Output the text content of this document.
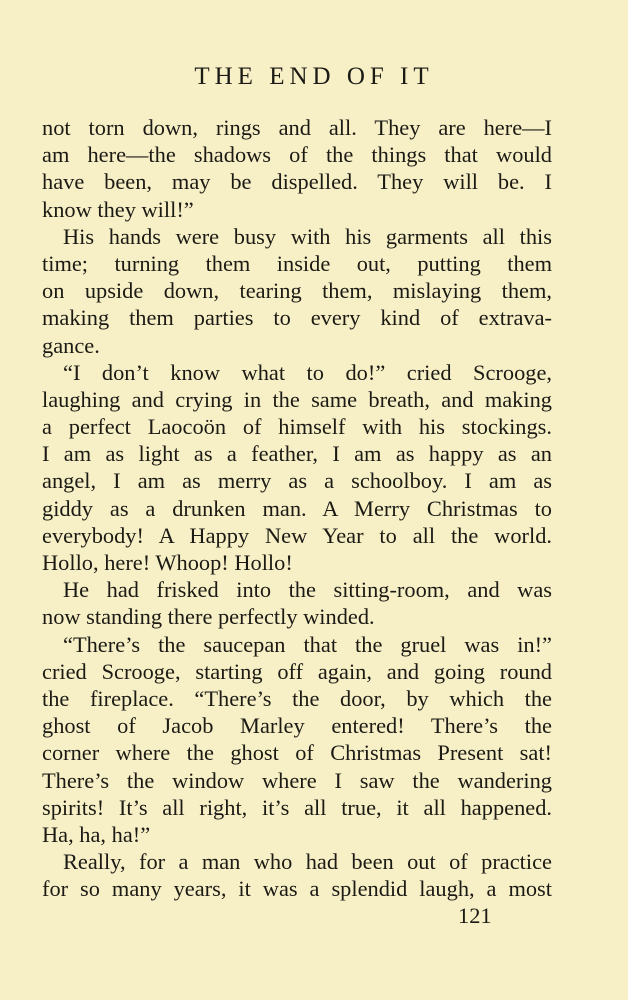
THE END OF IT
not torn down, rings and all. They are here—I
am here—the shadows of the things that would
have been, may be dispelled. They will be. I
know they will!”
His hands were busy with his garments all this
time; turning them inside out, putting them
on upside down, tearing them, mislaying them,
making them parties to every kind of extrava-
gance.
“I don’t know what to do!” cried Scrooge,
laughing and crying in the same breath, and making
a perfect Laocoön of himself with his stockings.
I am as light as a feather, I am as happy as an
angel, I am as merry as a schoolboy. I am as
giddy as a drunken man. A Merry Christmas to
everybody! A Happy New Year to all the world.
Hollo, here! Whoop! Hollo!
He had frisked into the sitting-room, and was
now standing there perfectly winded.
“There’s the saucepan that the gruel was in!”
cried Scrooge, starting off again, and going round
the fireplace. “There’s the door, by which the
ghost of Jacob Marley entered! There’s the
corner where the ghost of Christmas Present sat!
There’s the window where I saw the wandering
spirits! It’s all right, it’s all true, it all happened.
Ha, ha, ha!”
Really, for a man who had been out of practice
for so many years, it was a splendid laugh, a most
121
